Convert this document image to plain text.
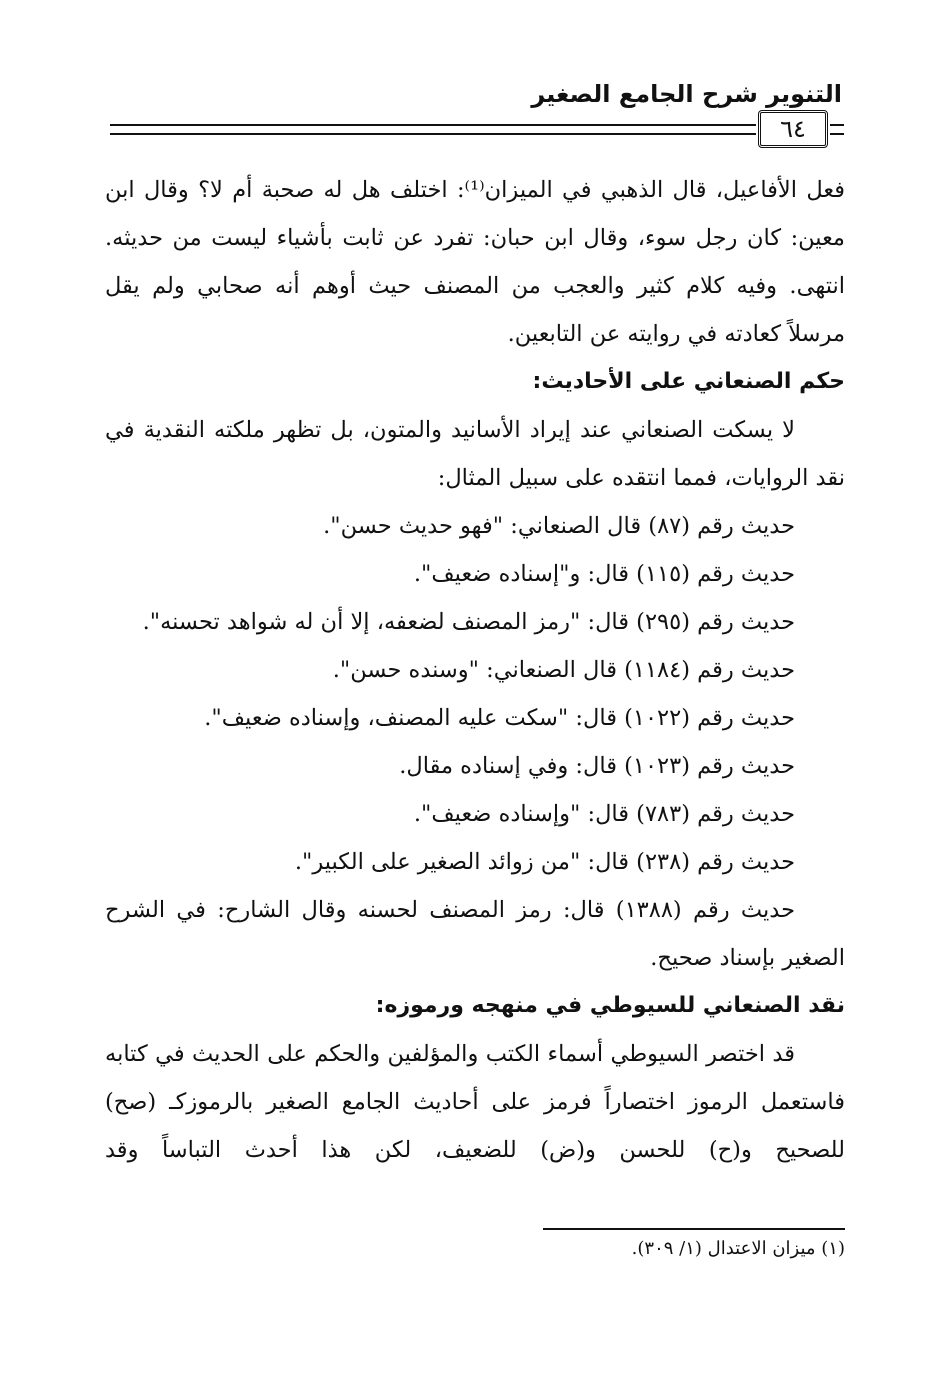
التنوير شرح الجامع الصغير
٦٤
فعل الأفاعيل، قال الذهبي في الميزان⁽¹⁾: اختلف هل له صحبة أم لا؟ وقال ابن
معين: كان رجل سوء، وقال ابن حبان: تفرد عن ثابت بأشياء ليست من حديثه.
انتهى. وفيه كلام كثير والعجب من المصنف حيث أوهم أنه صحابي ولم يقل
مرسلاً كعادته في روايته عن التابعين.
حكم الصنعاني على الأحاديث:
لا يسكت الصنعاني عند إيراد الأسانيد والمتون، بل تظهر ملكته النقدية في
نقد الروايات، فمما انتقده على سبيل المثال:
حديث رقم (٨٧) قال الصنعاني: "فهو حديث حسن".
حديث رقم (١١٥) قال: و"إسناده ضعيف".
حديث رقم (٢٩٥) قال: "رمز المصنف لضعفه، إلا أن له شواهد تحسنه".
حديث رقم (١١٨٤) قال الصنعاني: "وسنده حسن".
حديث رقم (١٠٢٢) قال: "سكت عليه المصنف، وإسناده ضعيف".
حديث رقم (١٠٢٣) قال: وفي إسناده مقال.
حديث رقم (٧٨٣) قال: "وإسناده ضعيف".
حديث رقم (٢٣٨) قال: "من زوائد الصغير على الكبير".
حديث رقم (١٣٨٨) قال: رمز المصنف لحسنه وقال الشارح: في الشرح
الصغير بإسناد صحيح.
نقد الصنعاني للسيوطي في منهجه ورموزه:
قد اختصر السيوطي أسماء الكتب والمؤلفين والحكم على الحديث في كتابه
فاستعمل الرموز اختصاراً فرمز على أحاديث الجامع الصغير بالرموزكـ (صح)
للصحيح و(ح) للحسن و(ض) للضعيف، لكن هذا أحدث التباساً وقد
(١) ميزان الاعتدال (١/ ٣٠٩).
